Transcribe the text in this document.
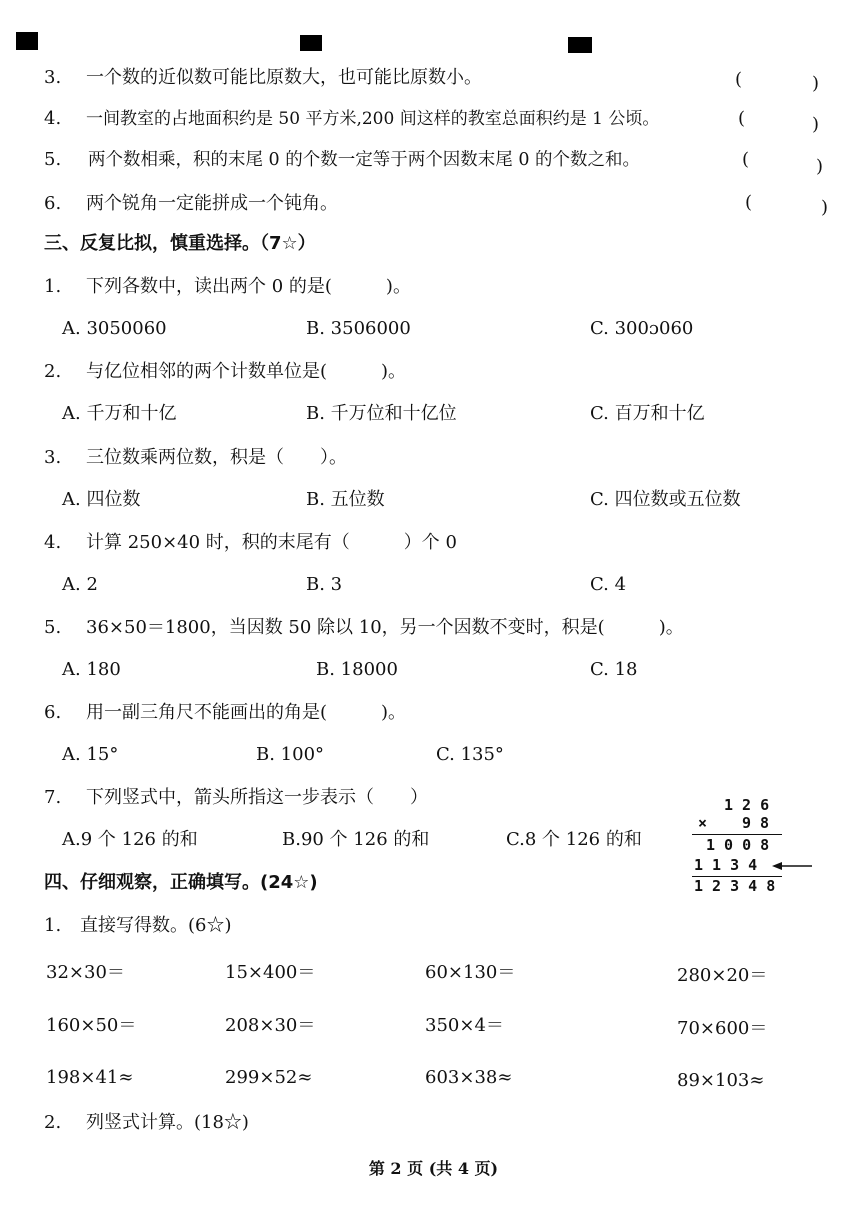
3. 一个数的近似数可能比原数大，也可能比原数小。	(	)
4. 一间教室的占地面积约是 50 平方米,200 间这样的教室总面积约是 1 公顷。	(	)
5. 两个数相乘，积的末尾 0 的个数一定等于两个因数末尾 0 的个数之和。	(	)
6. 两个锐角一定能拼成一个钝角。	(	)
三、反复比拟，慎重选择。（7☆）
1. 下列各数中，读出两个 0 的是(　　　)。
A. 3050060	B. 3506000	C. 300ɔ060
2. 与亿位相邻的两个计数单位是(　　　)。
A. 千万和十亿	B. 千万位和十亿位	C. 百万和十亿
3. 三位数乘两位数，积是（　　）。
A. 四位数	B. 五位数	C. 四位数或五位数
4. 计算 250×40 时，积的末尾有（　　　）个 0
A. 2	B. 3	C. 4
5. 36×50＝1800，当因数 50 除以 10，另一个因数不变时，积是(　　　)。
A. 180	B. 18000	C. 18
6. 用一副三角尺不能画出的角是(　　　)。
A. 15°	B. 100°	C. 135°
7. 下列竖式中，箭头所指这一步表示（　　）
A.9 个 126 的和	B.90 个 126 的和	C.8 个 126 的和
1 2 6
× 9 8
1 0 0 8
1 1 3 4
1 2 3 4 8
四、仔细观察，正确填写。(24☆)
1. 直接写得数。(6☆)
32×30＝	15×400＝	60×130＝	280×20＝
160×50＝	208×30＝	350×4＝	70×600＝
198×41≈	299×52≈	603×38≈	89×103≈
2. 列竖式计算。(18☆)
第 2 页 (共 4 页)
